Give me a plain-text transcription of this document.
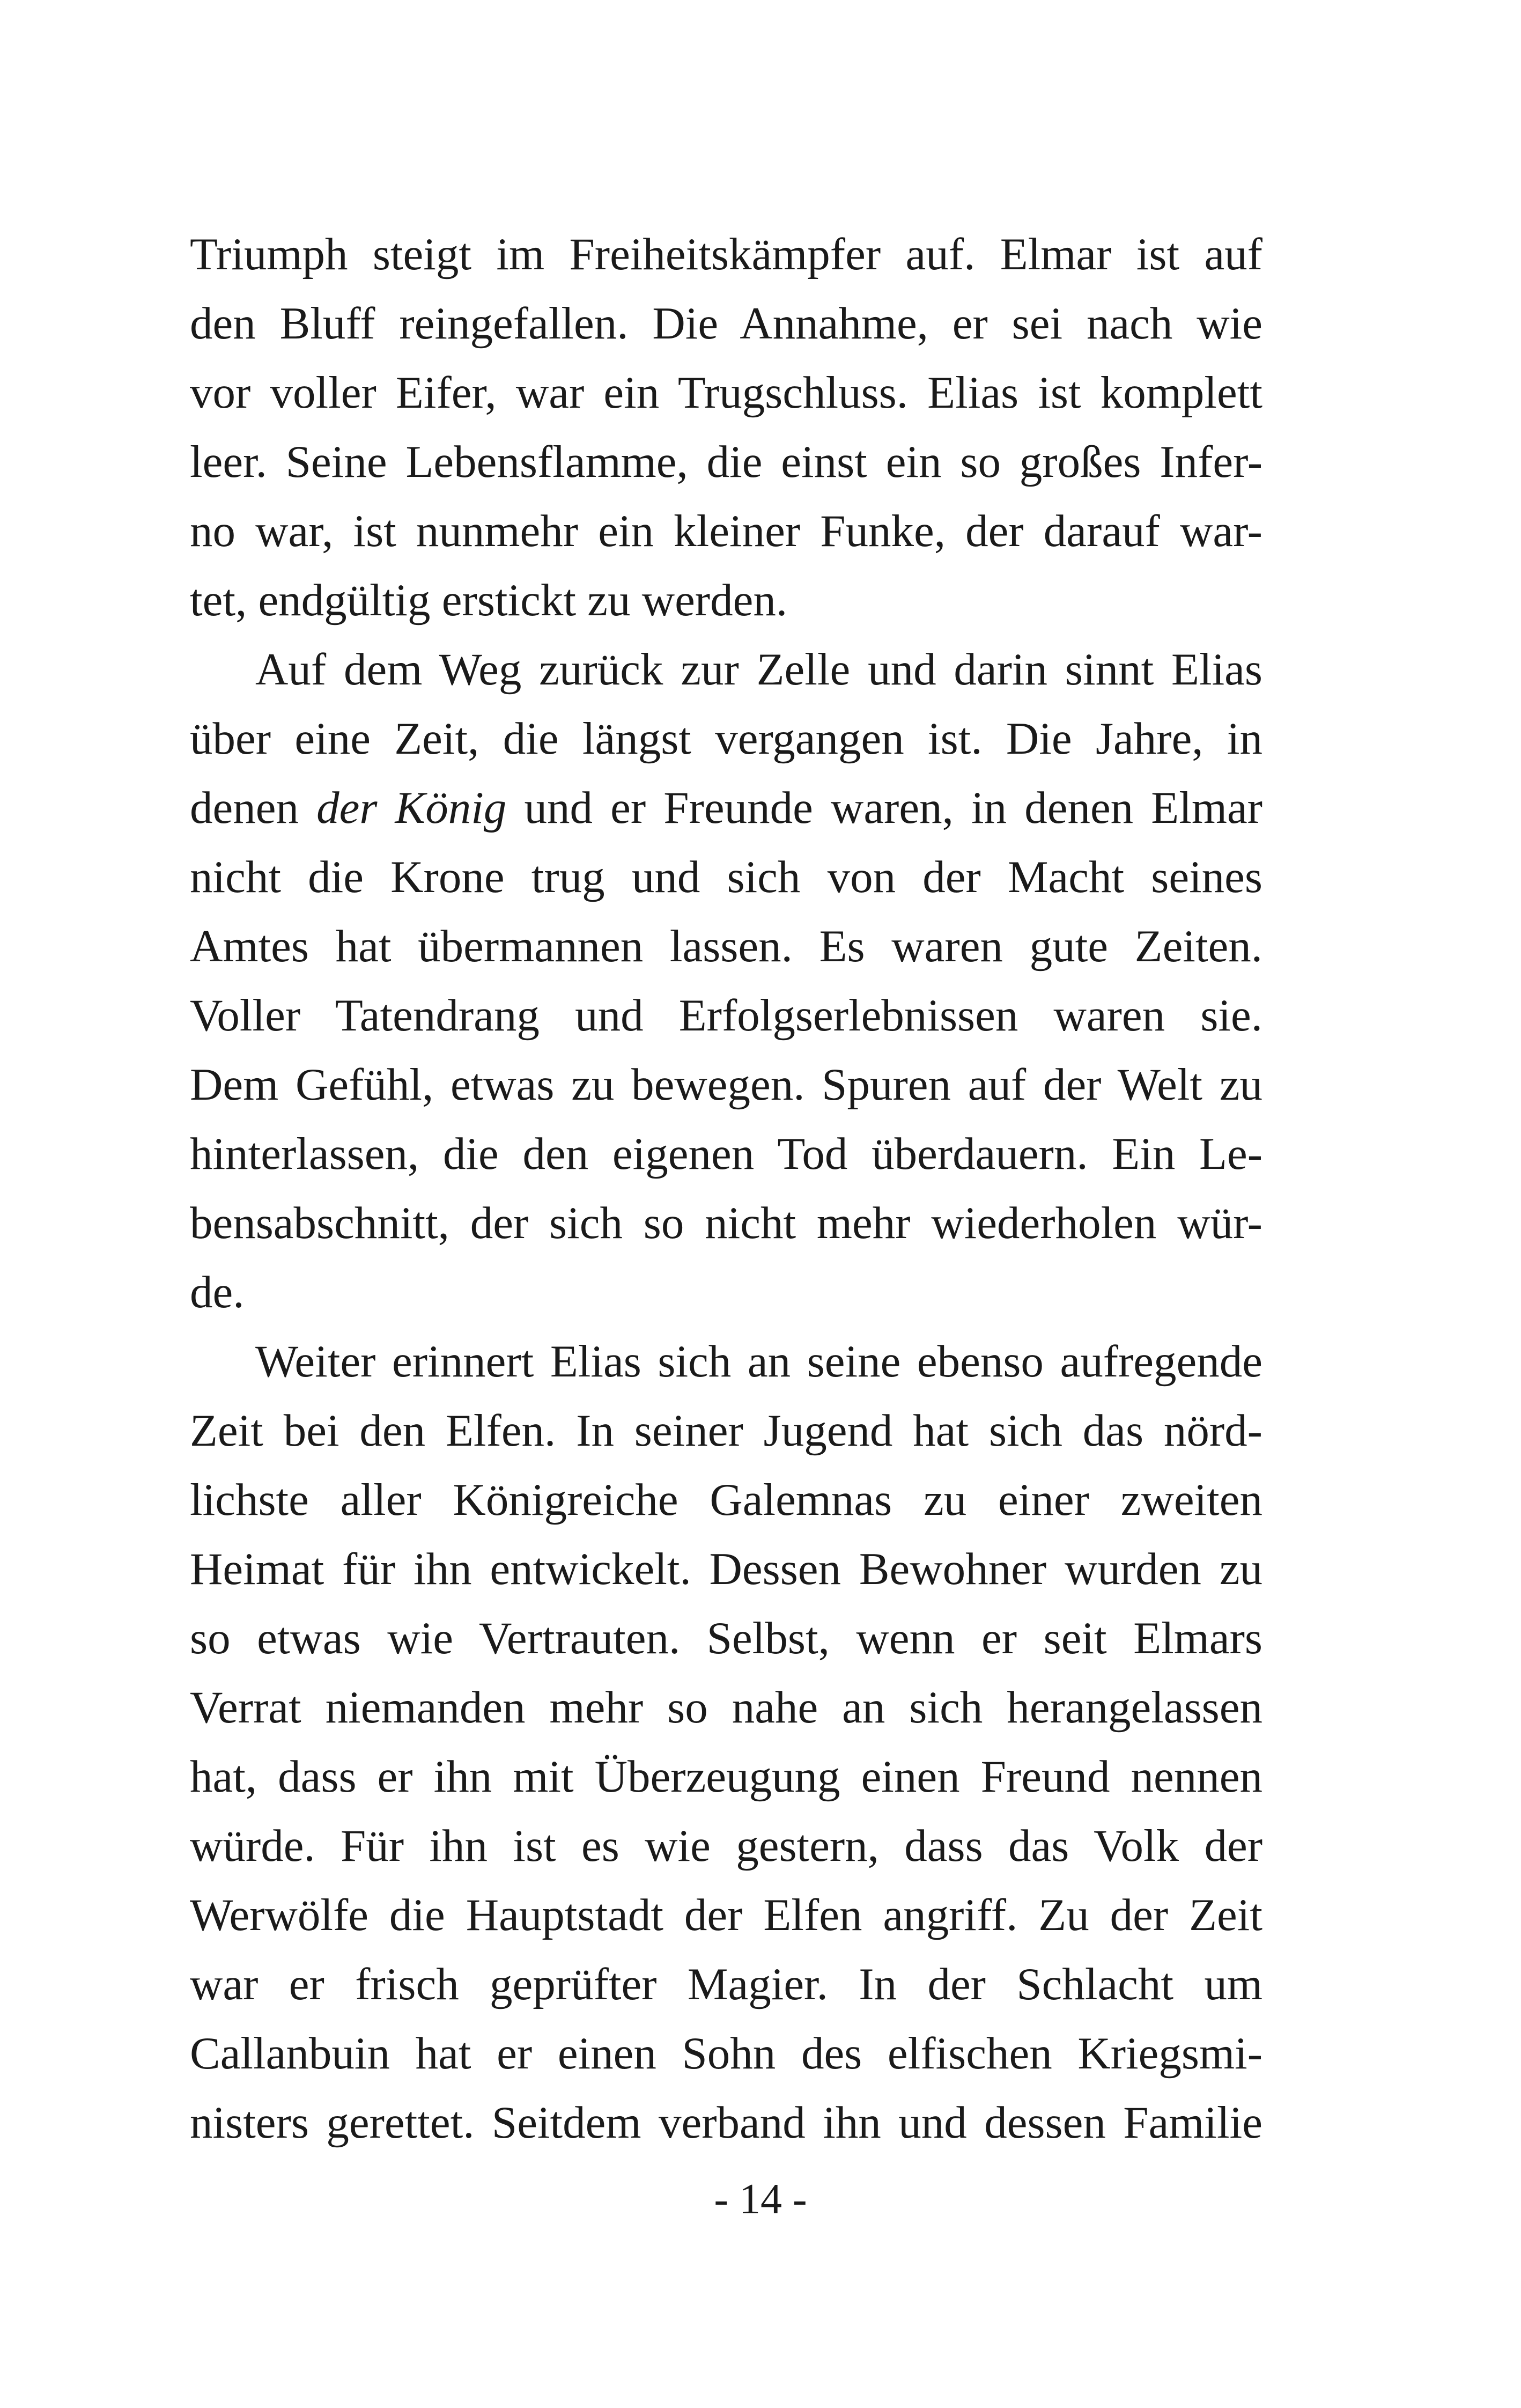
Triumph steigt im Freiheitskämpfer auf. Elmar ist auf
den Bluff reingefallen. Die Annahme, er sei nach wie
vor voller Eifer, war ein Trugschluss. Elias ist komplett
leer. Seine Lebensflamme, die einst ein so großes Infer-
no war, ist nunmehr ein kleiner Funke, der darauf war-
tet, endgültig erstickt zu werden.
Auf dem Weg zurück zur Zelle und darin sinnt Elias
über eine Zeit, die längst vergangen ist. Die Jahre, in
denen der König und er Freunde waren, in denen Elmar
nicht die Krone trug und sich von der Macht seines
Amtes hat übermannen lassen. Es waren gute Zeiten.
Voller Tatendrang und Erfolgserlebnissen waren sie.
Dem Gefühl, etwas zu bewegen. Spuren auf der Welt zu
hinterlassen, die den eigenen Tod überdauern. Ein Le-
bensabschnitt, der sich so nicht mehr wiederholen wür-
de.
Weiter erinnert Elias sich an seine ebenso aufregende
Zeit bei den Elfen. In seiner Jugend hat sich das nörd-
lichste aller Königreiche Galemnas zu einer zweiten
Heimat für ihn entwickelt. Dessen Bewohner wurden zu
so etwas wie Vertrauten. Selbst, wenn er seit Elmars
Verrat niemanden mehr so nahe an sich herangelassen
hat, dass er ihn mit Überzeugung einen Freund nennen
würde. Für ihn ist es wie gestern, dass das Volk der
Werwölfe die Hauptstadt der Elfen angriff. Zu der Zeit
war er frisch geprüfter Magier. In der Schlacht um
Callanbuin hat er einen Sohn des elfischen Kriegsmi-
nisters gerettet. Seitdem verband ihn und dessen Familie
- 14 -
